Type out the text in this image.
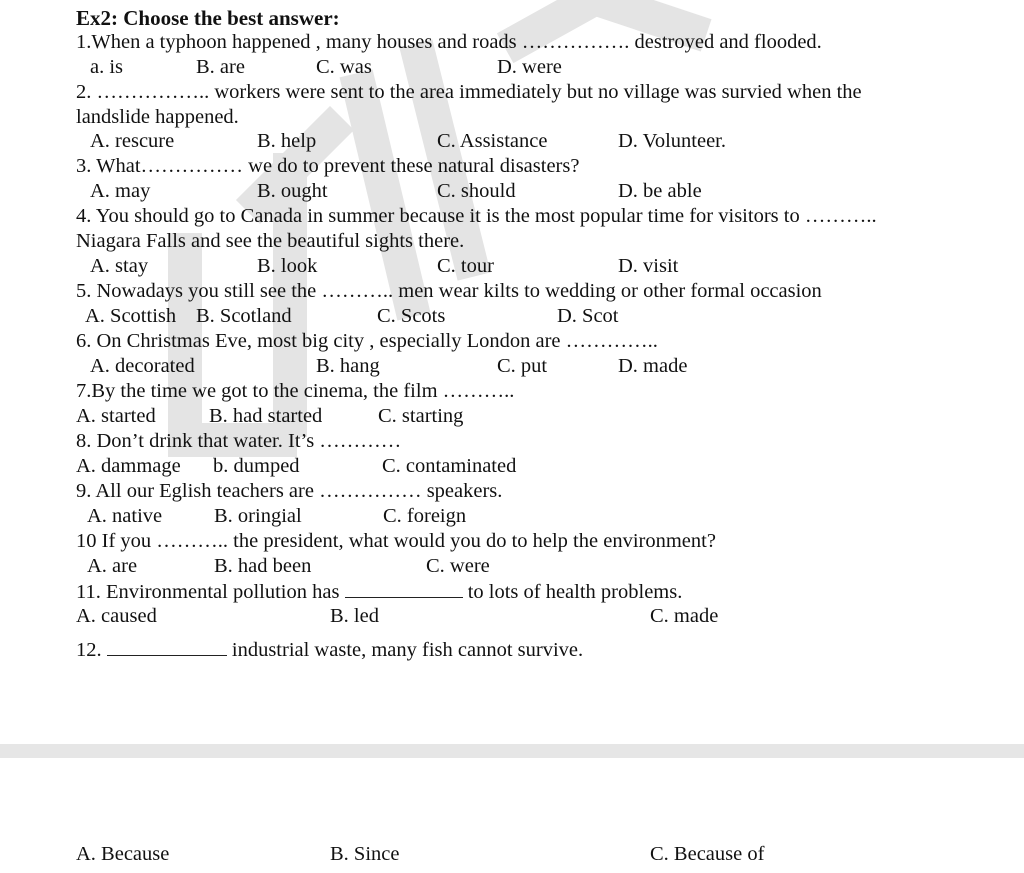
Ex2: Choose the best answer:
1.When a typhoon happened , many houses and roads ……………. destroyed and flooded.
a. is	B. are	C. was	D. were
2. …………….. workers were sent to the area immediately but no village was survied when the
landslide happened.
A. rescure	B. help	C. Assistance	D. Volunteer.
3. What…………… we do to prevent these natural disasters?
A. may	B. ought	C. should	D. be able
4. You should go to Canada in summer because it is the most popular time for visitors to ………..
Niagara Falls and see the beautiful sights there.
A. stay	B. look	C. tour	D. visit
5. Nowadays you still see the ……….. men wear kilts to wedding or other formal occasion
A. Scottish B. Scotland	C. Scots	D. Scot
6. On Christmas Eve, most big city , especially London are …………..
A. decorated	B. hang	C. put	D. made
7.By the time we got to the cinema, the film ………..
A. started	B. had started	C. starting
8. Don’t drink that water. It’s …………
A. dammage b. dumped	C. contaminated
9. All our Eglish teachers are …………… speakers.
A. native	B. oringial	C. foreign
10 If you ……….. the president, what would you do to help the environment?
A. are	B. had been	C. were
11. Environmental pollution has	to lots of health problems.
A. caused	B. led	C. made
12.	industrial waste, many fish cannot survive.
A. Because	B. Since	C. Because of
